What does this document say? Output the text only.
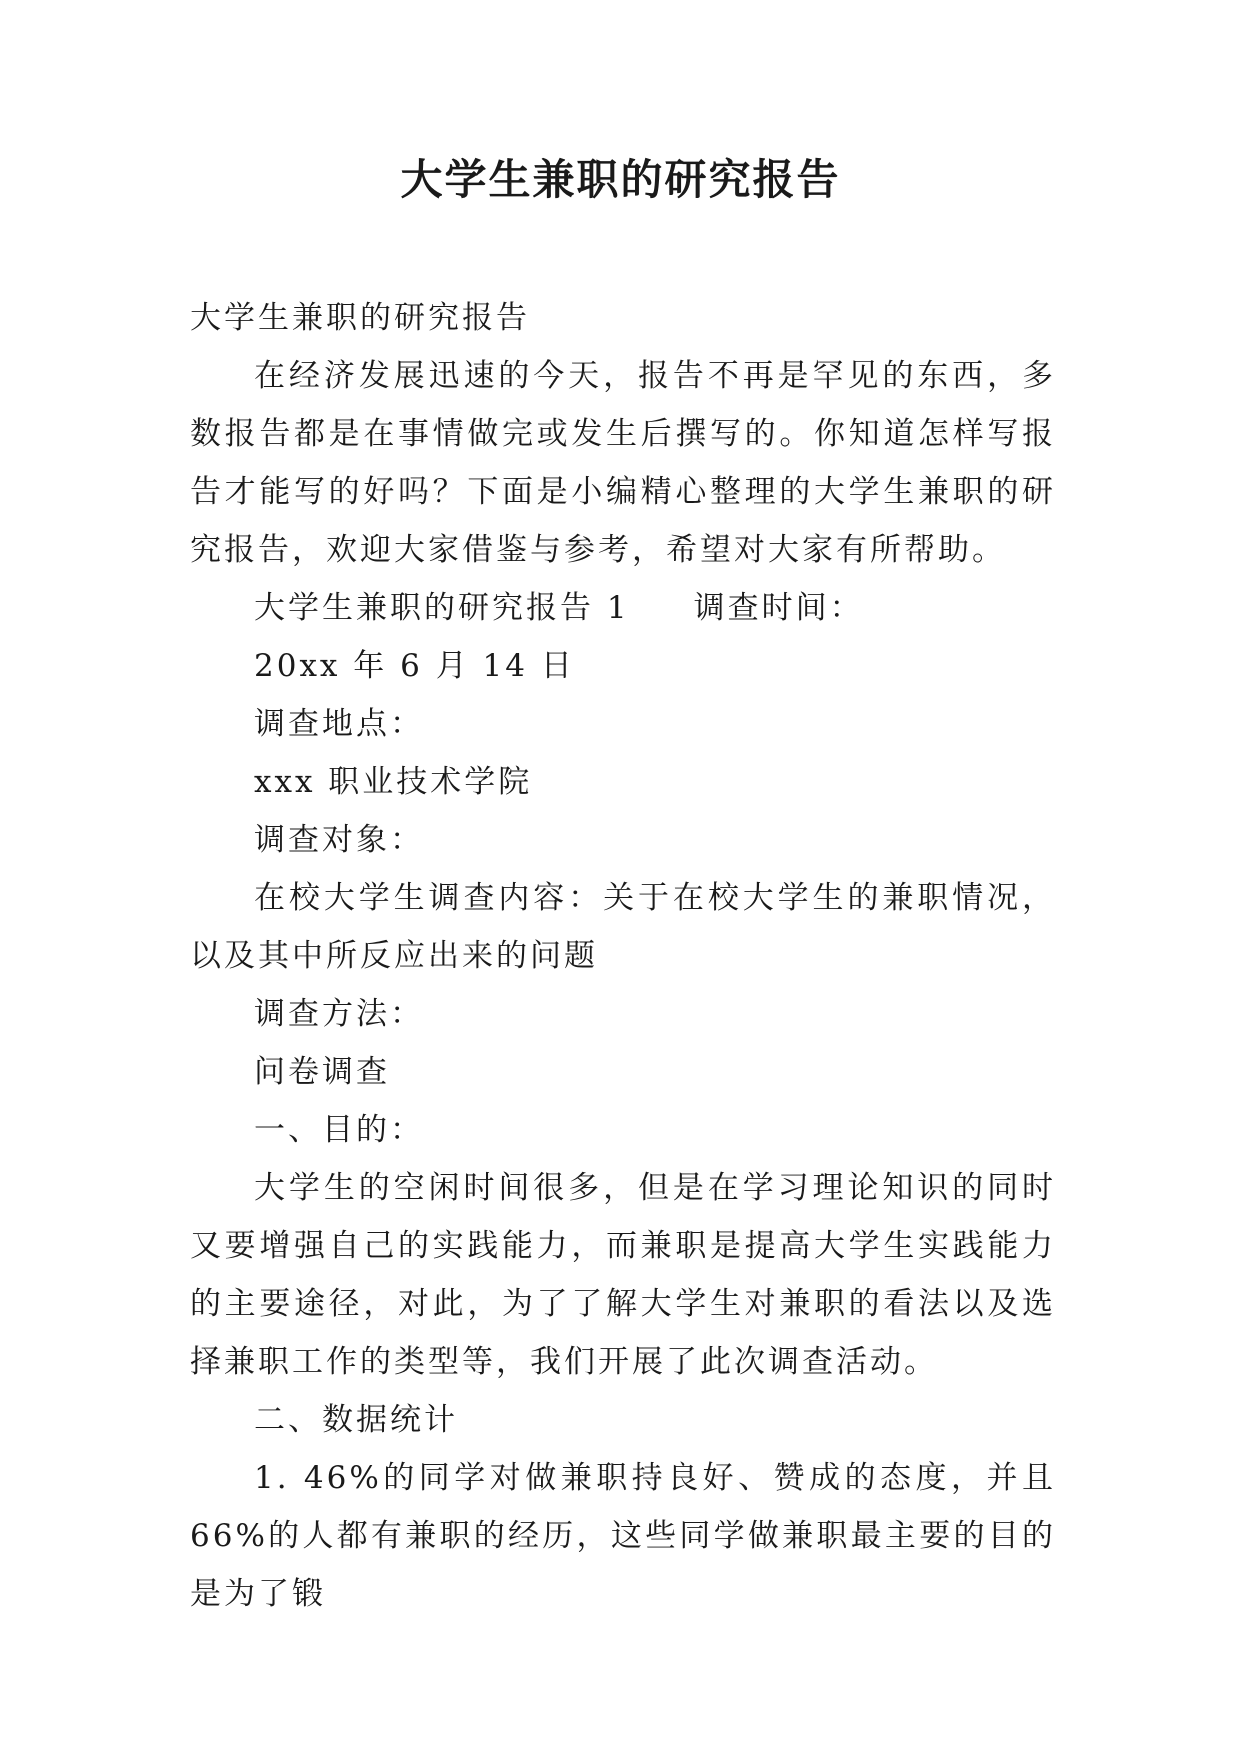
大学生兼职的研究报告

大学生兼职的研究报告

在经济发展迅速的今天，报告不再是罕见的东西，多数报告都是在事情做完或发生后撰写的。你知道怎样写报告才能写的好吗？下面是小编精心整理的大学生兼职的研究报告，欢迎大家借鉴与参考，希望对大家有所帮助。

大学生兼职的研究报告 1 调查时间：

20xx 年 6 月 14 日

调查地点：

xxx 职业技术学院

调查对象：

在校大学生调查内容：关于在校大学生的兼职情况，以及其中所反应出来的问题

调查方法：

问卷调查

一、目的：

大学生的空闲时间很多，但是在学习理论知识的同时又要增强自己的实践能力，而兼职是提高大学生实践能力的主要途径，对此，为了了解大学生对兼职的看法以及选择兼职工作的类型等，我们开展了此次调查活动。

二、数据统计

1. 46%的同学对做兼职持良好、赞成的态度，并且 66%的人都有兼职的经历，这些同学做兼职最主要的目的是为了锻
